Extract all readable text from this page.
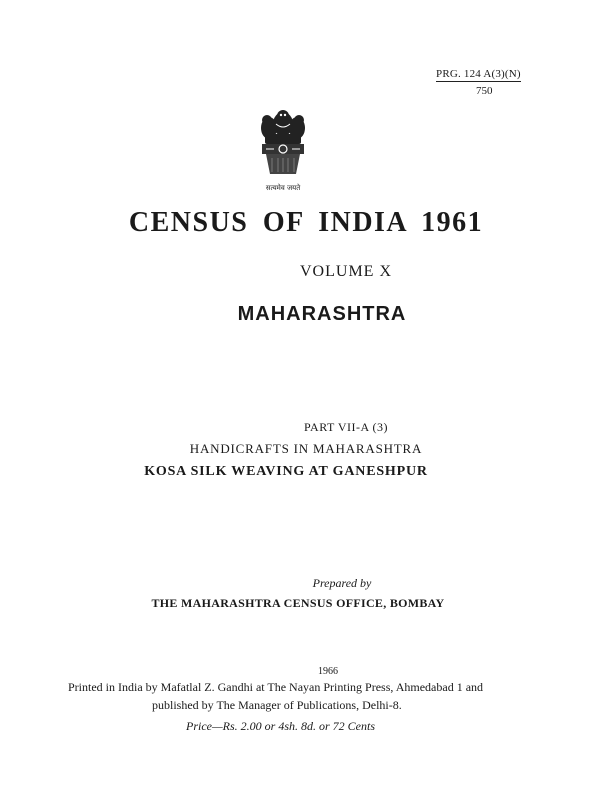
PRG. 124 A(3)(N)
750
सत्यमेव जयते
CENSUS OF INDIA 1961
VOLUME X
MAHARASHTRA
PART VII-A (3)
HANDICRAFTS IN MAHARASHTRA
KOSA SILK WEAVING AT GANESHPUR
Prepared by
THE MAHARASHTRA CENSUS OFFICE, BOMBAY
1966
Printed in India by Mafatlal Z. Gandhi at The Nayan Printing Press, Ahmedabad 1 and
published by The Manager of Publications, Delhi-8.
Price—Rs. 2.00 or 4sh. 8d. or 72 Cents
